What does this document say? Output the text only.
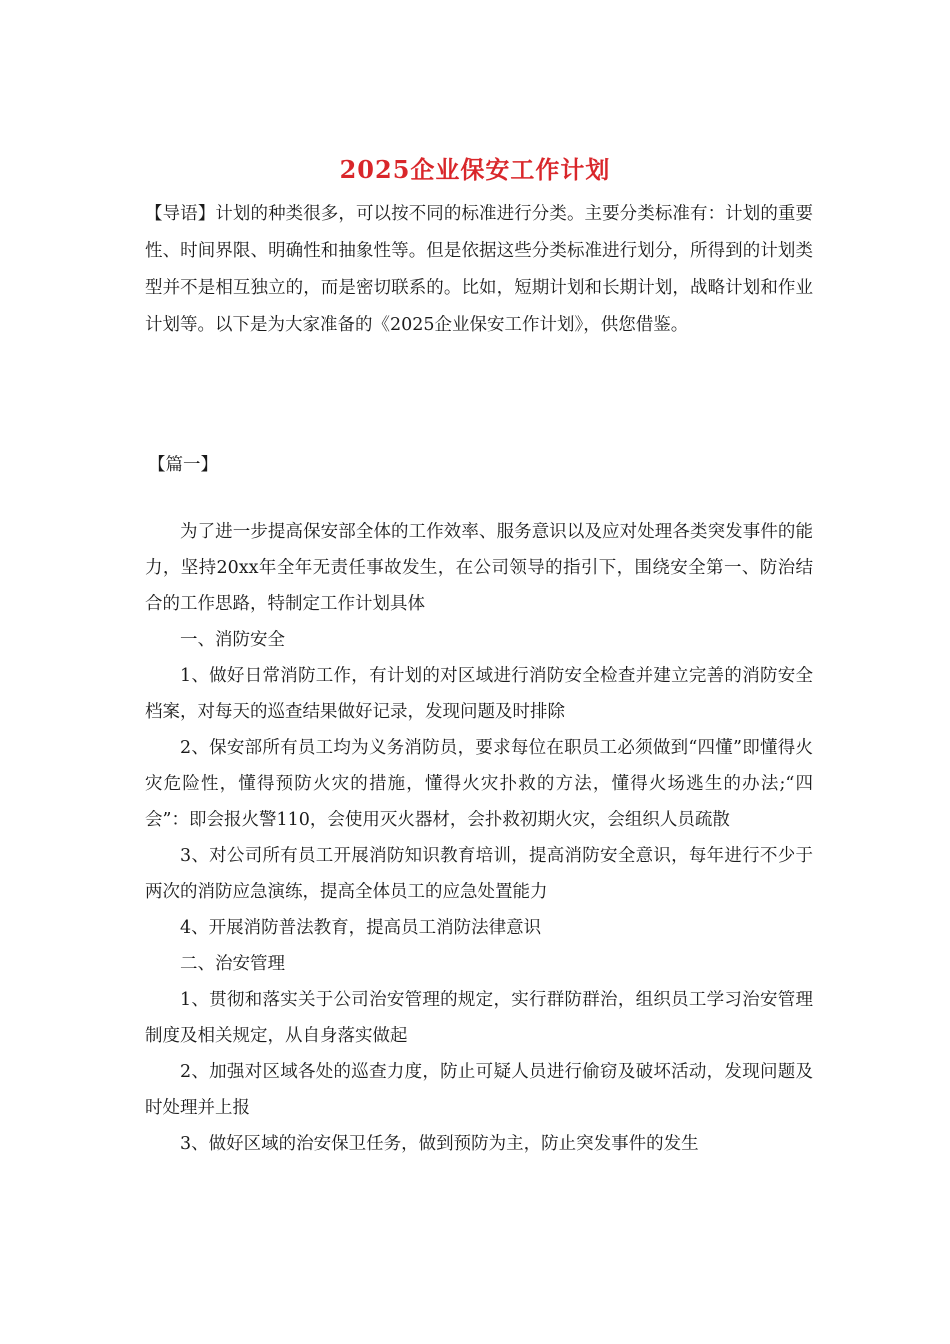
2025企业保安工作计划
【导语】计划的种类很多，可以按不同的标准进行分类。主要分类标准有：计划的重要性、时间界限、明确性和抽象性等。但是依据这些分类标准进行划分，所得到的计划类型并不是相互独立的，而是密切联系的。比如，短期计划和长期计划，战略计划和作业计划等。以下是为大家准备的《2025企业保安工作计划》，供您借鉴。
【篇一】

为了进一步提高保安部全体的工作效率、服务意识以及应对处理各类突发事件的能力，坚持20xx年全年无责任事故发生，在公司领导的指引下，围绕安全第一、防治结合的工作思路，特制定工作计划具体

一、消防安全

1、做好日常消防工作，有计划的对区域进行消防安全检查并建立完善的消防安全档案，对每天的巡查结果做好记录，发现问题及时排除

2、保安部所有员工均为义务消防员，要求每位在职员工必须做到“四懂”即懂得火灾危险性，懂得预防火灾的措施，懂得火灾扑救的方法，懂得火场逃生的办法;“四会”：即会报火警110，会使用灭火器材，会扑救初期火灾，会组织人员疏散

3、对公司所有员工开展消防知识教育培训，提高消防安全意识，每年进行不少于两次的消防应急演练，提高全体员工的应急处置能力

4、开展消防普法教育，提高员工消防法律意识

二、治安管理

1、贯彻和落实关于公司治安管理的规定，实行群防群治，组织员工学习治安管理制度及相关规定，从自身落实做起

2、加强对区域各处的巡查力度，防止可疑人员进行偷窃及破坏活动，发现问题及时处理并上报

3、做好区域的治安保卫任务，做到预防为主，防止突发事件的发生
